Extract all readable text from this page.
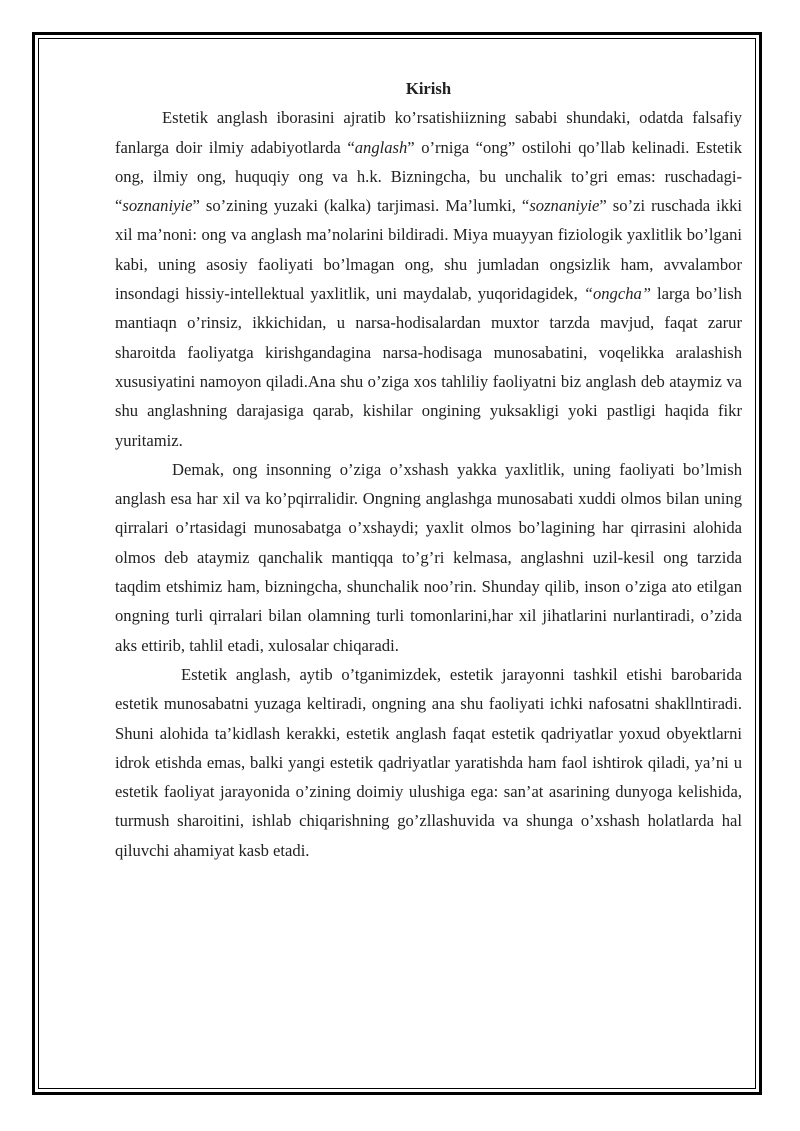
Kirish

Estetik anglash iborasini ajratib ko’rsatishiizning sababi shundaki, odatda falsafiy fanlarga doir ilmiy adabiyotlarda “anglash” o’rniga “ong” ostilohi qo’llab kelinadi. Estetik ong, ilmiy ong, huquqiy ong va h.k. Bizningcha, bu unchalik to’gri emas: ruschadagi- “soznaniyie” so’zining yuzaki (kalka) tarjimasi. Ma’lumki, “soznaniyie” so’zi ruschada ikki xil ma’noni: ong va anglash ma’nolarini bildiradi. Miya muayyan fiziologik yaxlitlik bo’lgani kabi, uning asosiy faoliyati bo’lmagan ong, shu jumladan ongsizlik ham, avvalambor insondagi hissiy-intellektual yaxlitlik, uni maydalab, yuqoridagidek, “ongcha” larga bo’lish mantiaqn o’rinsiz, ikkichidan, u narsa-hodisalardan muxtor tarzda mavjud, faqat zarur sharoitda faoliyatga kirishgandagina narsa-hodisaga munosabatini, voqelikka aralashish xususiyatini namoyon qiladi.Ana shu o’ziga xos tahliliy faoliyatni biz anglash deb ataymiz va shu anglashning darajasiga qarab, kishilar ongining yuksakligi yoki pastligi haqida fikr yuritamiz.

Demak, ong insonning o’ziga o’xshash yakka yaxlitlik, uning faoliyati bo’lmish anglash esa har xil va ko’pqirralidir. Ongning anglashga munosabati xuddi olmos bilan uning qirralari o’rtasidagi munosabatga o’xshaydi; yaxlit olmos bo’lagining har qirrasini alohida olmos deb ataymiz qanchalik mantiqqa to’g’ri kelmasa, anglashni uzil-kesil ong tarzida taqdim etshimiz ham, bizningcha, shunchalik noo’rin. Shunday qilib, inson o’ziga ato etilgan ongning turli qirralari bilan olamning turli tomonlarini,har xil jihatlarini nurlantiradi, o’zida aks ettirib, tahlil etadi, xulosalar chiqaradi.

Estetik anglash, aytib o’tganimizdek, estetik jarayonni tashkil etishi barobarida estetik munosabatni yuzaga keltiradi, ongning ana shu faoliyati ichki nafosatni shakllntiradi. Shuni alohida ta’kidlash kerakki, estetik anglash faqat estetik qadriyatlar yoxud obyektlarni idrok etishda emas, balki yangi estetik qadriyatlar yaratishda ham faol ishtirok qiladi, ya’ni u estetik faoliyat jarayonida o’zining doimiy ulushiga ega: san’at asarining dunyoga kelishida, turmush sharoitini, ishlab chiqarishning go’zllashuvida va shunga o’xshash holatlarda hal qiluvchi ahamiyat kasb etadi.
